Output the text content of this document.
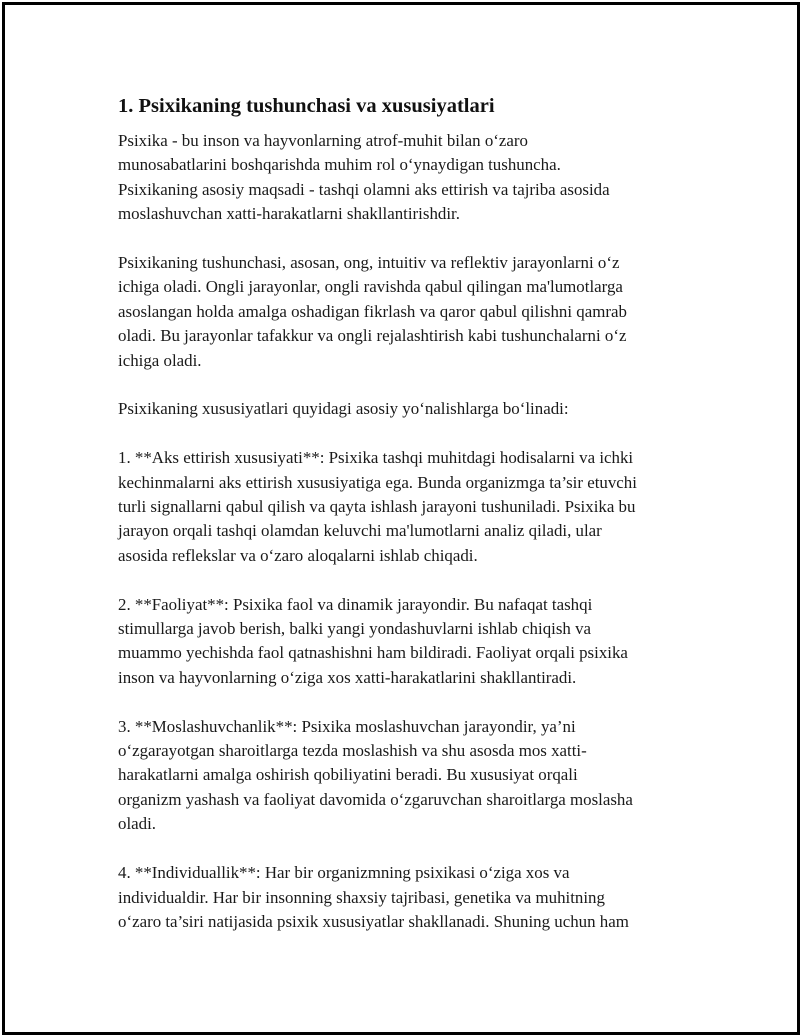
1. Psixikaning tushunchasi va xususiyatlari
Psixika - bu inson va hayvonlarning atrof-muhit bilan o‘zaro
munosabatlarini boshqarishda muhim rol o‘ynaydigan tushuncha.
Psixikaning asosiy maqsadi - tashqi olamni aks ettirish va tajriba asosida
moslashuvchan xatti-harakatlarni shakllantirishdir.
Psixikaning tushunchasi, asosan, ong, intuitiv va reflektiv jarayonlarni o‘z
ichiga oladi. Ongli jarayonlar, ongli ravishda qabul qilingan ma'lumotlarga
asoslangan holda amalga oshadigan fikrlash va qaror qabul qilishni qamrab
oladi. Bu jarayonlar tafakkur va ongli rejalashtirish kabi tushunchalarni o‘z
ichiga oladi.
Psixikaning xususiyatlari quyidagi asosiy yo‘nalishlarga bo‘linadi:
1. **Aks ettirish xususiyati**: Psixika tashqi muhitdagi hodisalarni va ichki
kechinmalarni aks ettirish xususiyatiga ega. Bunda organizmga ta’sir etuvchi
turli signallarni qabul qilish va qayta ishlash jarayoni tushuniladi. Psixika bu
jarayon orqali tashqi olamdan keluvchi ma'lumotlarni analiz qiladi, ular
asosida reflekslar va o‘zaro aloqalarni ishlab chiqadi.
2. **Faoliyat**: Psixika faol va dinamik jarayondir. Bu nafaqat tashqi
stimullarga javob berish, balki yangi yondashuvlarni ishlab chiqish va
muammo yechishda faol qatnashishni ham bildiradi. Faoliyat orqali psixika
inson va hayvonlarning o‘ziga xos xatti-harakatlarini shakllantiradi.
3. **Moslashuvchanlik**: Psixika moslashuvchan jarayondir, ya’ni
o‘zgarayotgan sharoitlarga tezda moslashish va shu asosda mos xatti-
harakatlarni amalga oshirish qobiliyatini beradi. Bu xususiyat orqali
organizm yashash va faoliyat davomida o‘zgaruvchan sharoitlarga moslasha
oladi.
4. **Individuallik**: Har bir organizmning psixikasi o‘ziga xos va
individualdir. Har bir insonning shaxsiy tajribasi, genetika va muhitning
o‘zaro ta’siri natijasida psixik xususiyatlar shakllanadi. Shuning uchun ham
